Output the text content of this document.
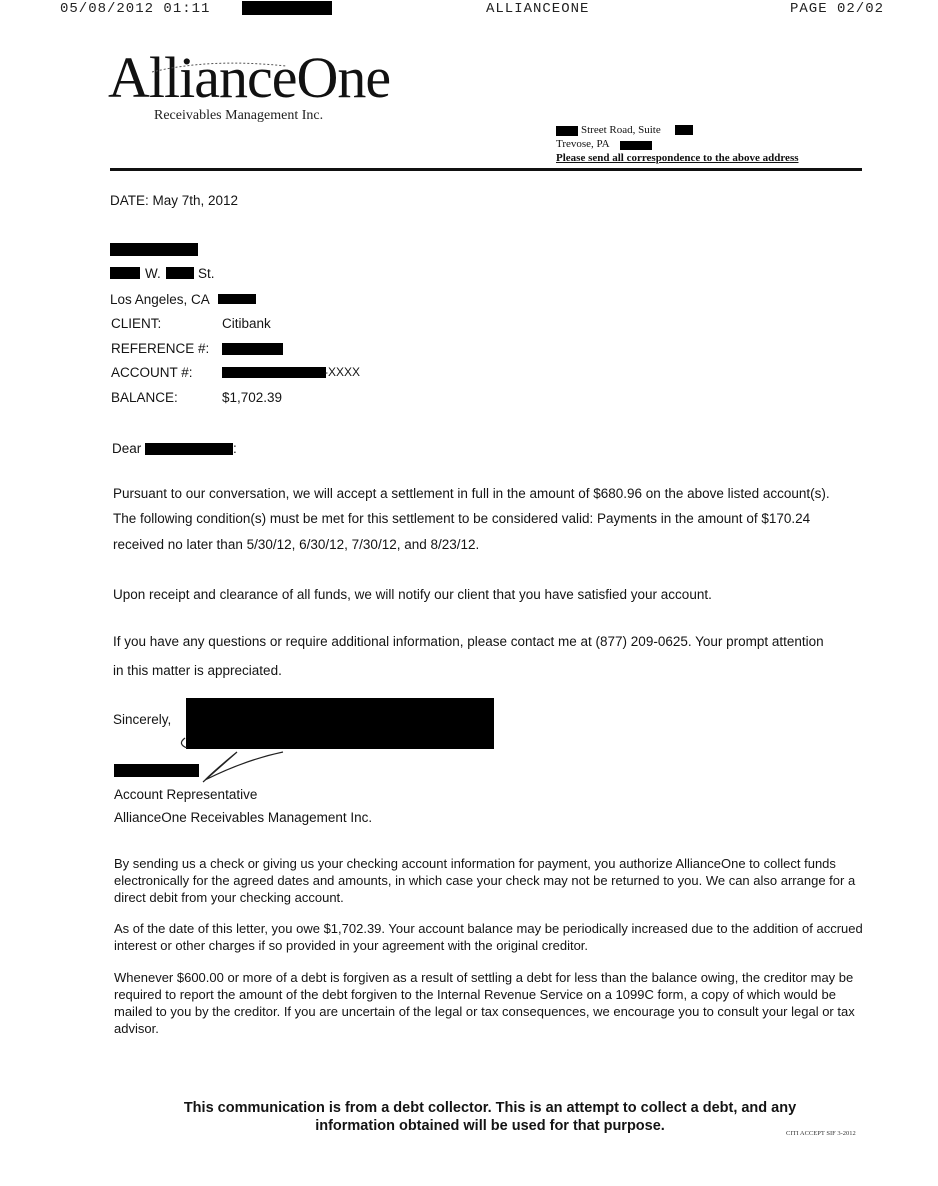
05/08/2012 01:11	ALLIANCEONE	PAGE 02/02
AllianceOne
Receivables Management Inc.
Street Road, Suite
Trevose, PA
Please send all correspondence to the above address
DATE: May 7th, 2012
W.	St.
Los Angeles, CA
CLIENT:	Citibank
REFERENCE #:
ACCOUNT #:	-XXXX
BALANCE:	$1,702.39
Dear	:
Pursuant to our conversation, we will accept a settlement in full in the amount of $680.96 on the above listed account(s).
The following condition(s) must be met for this settlement to be considered valid: Payments in the amount of $170.24
received no later than 5/30/12, 6/30/12, 7/30/12, and 8/23/12.
Upon receipt and clearance of all funds, we will notify our client that you have satisfied your account.
If you have any questions or require additional information, please contact me at (877) 209-0625. Your prompt attention
in this matter is appreciated.
Sincerely,
Account Representative
AllianceOne Receivables Management Inc.
By sending us a check or giving us your checking account information for payment, you authorize AllianceOne to collect funds electronically for the agreed dates and amounts, in which case your check may not be returned to you. We can also arrange for a direct debit from your checking account.
As of the date of this letter, you owe $1,702.39. Your account balance may be periodically increased due to the addition of accrued interest or other charges if so provided in your agreement with the original creditor.
Whenever $600.00 or more of a debt is forgiven as a result of settling a debt for less than the balance owing, the creditor may be required to report the amount of the debt forgiven to the Internal Revenue Service on a 1099C form, a copy of which would be mailed to you by the creditor. If you are uncertain of the legal or tax consequences, we encourage you to consult your legal or tax advisor.
This communication is from a debt collector. This is an attempt to collect a debt, and any
information obtained will be used for that purpose.	CITI ACCEPT SIF 3-2012
